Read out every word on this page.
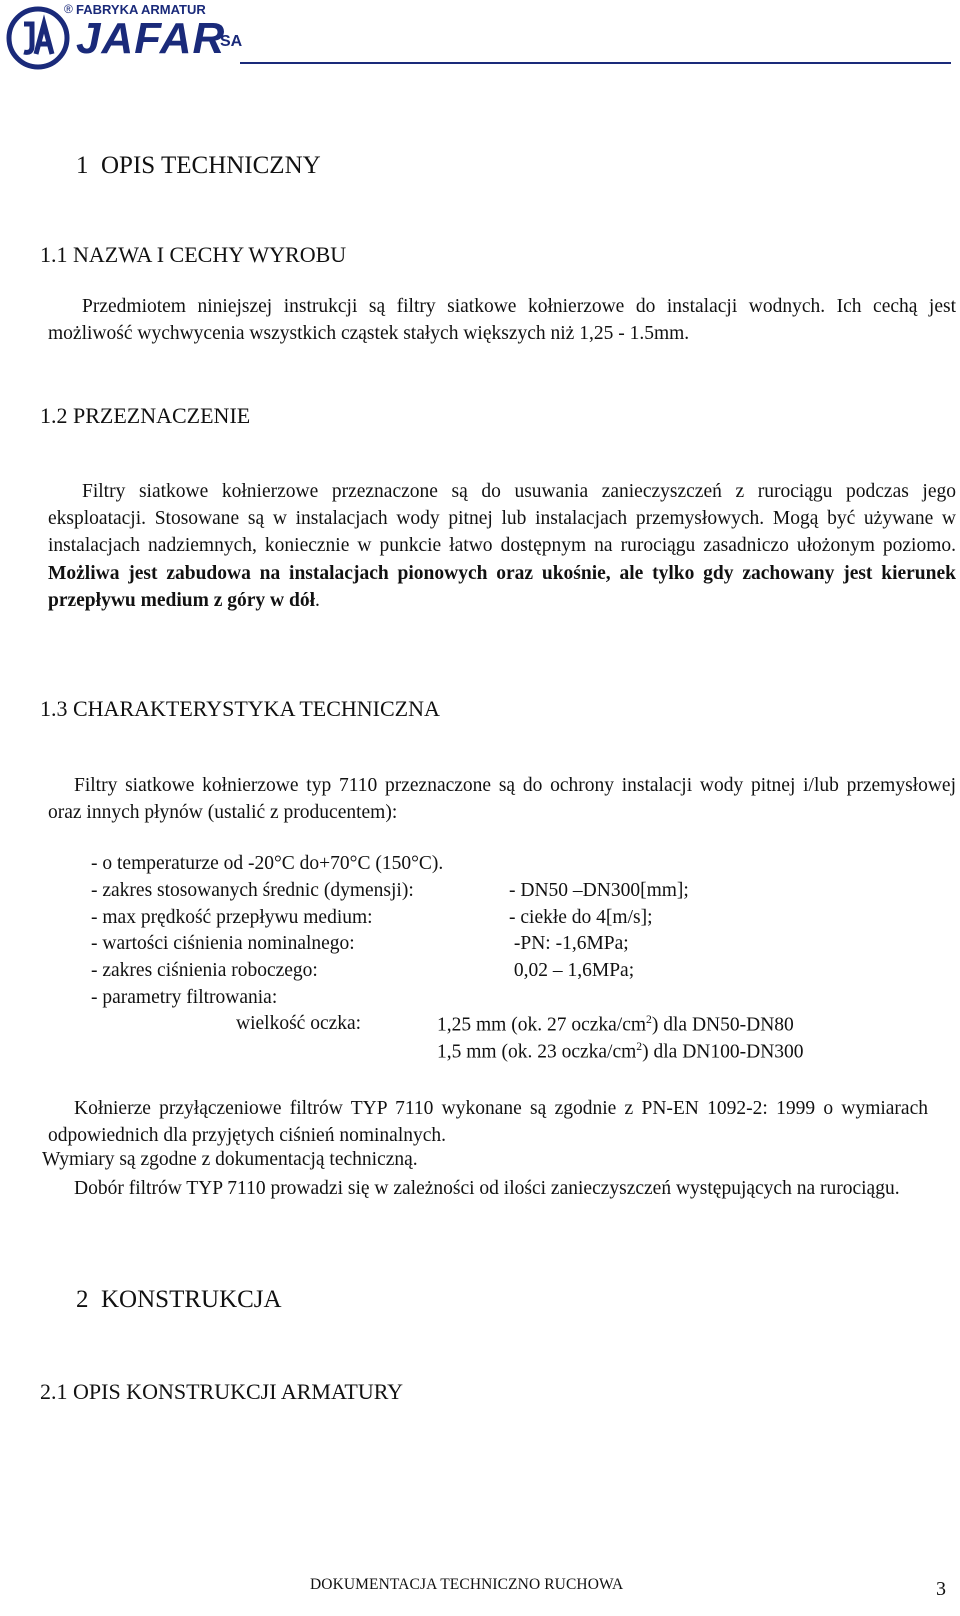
® FABRYKA ARMATUR
JAFAR
SA
1  OPIS TECHNICZNY
1.1 NAZWA I CECHY WYROBU
Przedmiotem niniejszej instrukcji są filtry siatkowe kołnierzowe do instalacji wodnych. Ich cechą jest możliwość wychwycenia wszystkich cząstek stałych większych niż 1,25 - 1.5mm.
1.2 PRZEZNACZENIE
Filtry siatkowe kołnierzowe przeznaczone są do usuwania zanieczyszczeń z rurociągu podczas jego eksploatacji. Stosowane są w instalacjach wody pitnej lub instalacjach przemysłowych. Mogą być używane w instalacjach nadziemnych, koniecznie w punkcie łatwo dostępnym na rurociągu zasadniczo ułożonym poziomo. Możliwa jest zabudowa na instalacjach pionowych oraz ukośnie, ale tylko gdy zachowany jest kierunek przepływu medium z góry w dół.
1.3 CHARAKTERYSTYKA TECHNICZNA
Filtry siatkowe kołnierzowe typ 7110 przeznaczone są do ochrony instalacji wody pitnej i/lub przemysłowej oraz innych płynów (ustalić z producentem):
- o temperaturze od -20°C do+70°C (150°C).
- zakres stosowanych średnic (dymensji):	- DN50 –DN300[mm];
- max prędkość przepływu medium:	- ciekłe do 4[m/s];
- wartości ciśnienia nominalnego:	-PN: -1,6MPa;
- zakres ciśnienia roboczego:	0,02 – 1,6MPa;
- parametry filtrowania:
wielkość oczka:	1,25 mm (ok. 27 oczka/$cm^2$) dla DN50-DN80
1,5 mm (ok. 23 oczka/$cm^2$) dla DN100-DN300
Kołnierze przyłączeniowe filtrów TYP 7110 wykonane są zgodnie z PN-EN 1092-2: 1999 o wymiarach odpowiednich dla przyjętych ciśnień nominalnych.
Wymiary są zgodne z dokumentacją techniczną.
Dobór filtrów TYP 7110 prowadzi się w zależności od ilości zanieczyszczeń występujących na rurociągu.
2  KONSTRUKCJA
2.1 OPIS KONSTRUKCJI ARMATURY
DOKUMENTACJA TECHNICZNO RUCHOWA	3
